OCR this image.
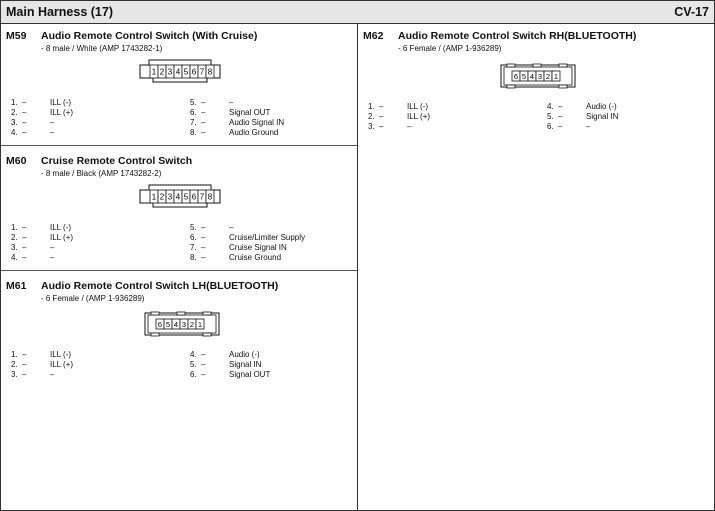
Main Harness (17)	CV-17
M59 Audio Remote Control Switch (With Cruise)
- 8 male / White (AMP 1743282-1)
1 2 3 4 5 6 7 8
1. –	ILL (-)
2. –	ILL (+)
3. –	–
4. –	–
5. –	–
6. –	Signal OUT
7. –	Audio Signal IN
8. –	Audio Ground
M60 Cruise Remote Control Switch
- 8 male / Black (AMP 1743282-2)
1 2 3 4 5 6 7 8
1. –	ILL (-)
2. –	ILL (+)
3. –	–
4. –	–
5. –	–
6. –	Cruise/Limiter Supply
7. –	Cruise Signal IN
8. –	Cruise Ground
M61 Audio Remote Control Switch LH(BLUETOOTH)
- 6 Female / (AMP 1-936289)
6 5 4 3 2 1
1. –	ILL (-)
2. –	ILL (+)
3. –	–
4. –	Audio (-)
5. –	Signal IN
6. –	Signal OUT
M62 Audio Remote Control Switch RH(BLUETOOTH)
- 6 Female / (AMP 1-936289)
6 5 4 3 2 1
1. –	ILL (-)
2. –	ILL (+)
3. –	–
4. –	Audio (-)
5. –	Signal IN
6. –	–
